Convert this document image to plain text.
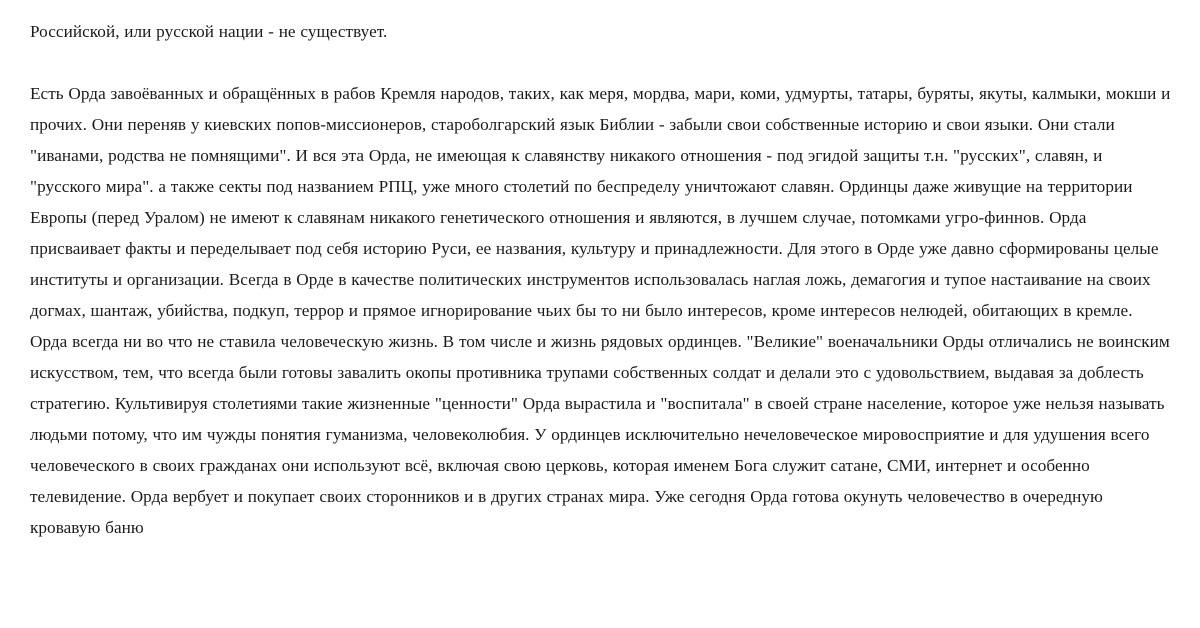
Российской, или русской нации - не существует.

Есть Орда завоёванных и обращённых в рабов Кремля народов, таких, как меря, мордва, мари, коми, удмурты, татары, буряты, якуты, калмыки, мокши и прочих. Они переняв у киевских попов-миссионеров, староболгарский язык Библии - забыли свои собственные историю и свои языки. Они стали "иванами, родства не помнящими". И вся эта Орда, не имеющая к славянству никакого отношения - под эгидой защиты т.н. "русских", славян, и "русского мира". а также секты под названием РПЦ, уже много столетий по беспределу уничтожают славян. Ординцы даже живущие на территории Европы (перед Уралом) не имеют к славянам никакого генетического отношения и являются, в лучшем случае, потомками угро-финнов. Орда присваивает факты и переделывает под себя историю Руси, ее названия, культуру и принадлежности. Для этого в Орде уже давно сформированы целые институты и организации. Всегда в Орде в качестве политических инструментов использовалась наглая ложь, демагогия и тупое настаивание на своих догмах, шантаж, убийства, подкуп, террор и прямое игнорирование чьих бы то ни было интересов, кроме интересов нелюдей, обитающих в кремле. Орда всегда ни во что не ставила человеческую жизнь. В том числе и жизнь рядовых ординцев. "Великие" военачальники Орды отличались не воинским искусством, тем, что всегда были готовы завалить окопы противника трупами собственных солдат и делали это с удовольствием, выдавая за доблесть стратегию. Культивируя столетиями такие жизненные "ценности" Орда вырастила и "воспитала" в своей стране население, которое уже нельзя называть людьми потому, что им чужды понятия гуманизма, человеколюбия. У ординцев исключительно нечеловеческое мировосприятие и для удушения всего человеческого в своих гражданах они используют всё, включая свою церковь, которая именем Бога служит сатане, СМИ, интернет и особенно телевидение. Орда вербует и покупает своих сторонников и в других странах мира. Уже сегодня Орда готова окунуть человечество в очередную кровавую баню
